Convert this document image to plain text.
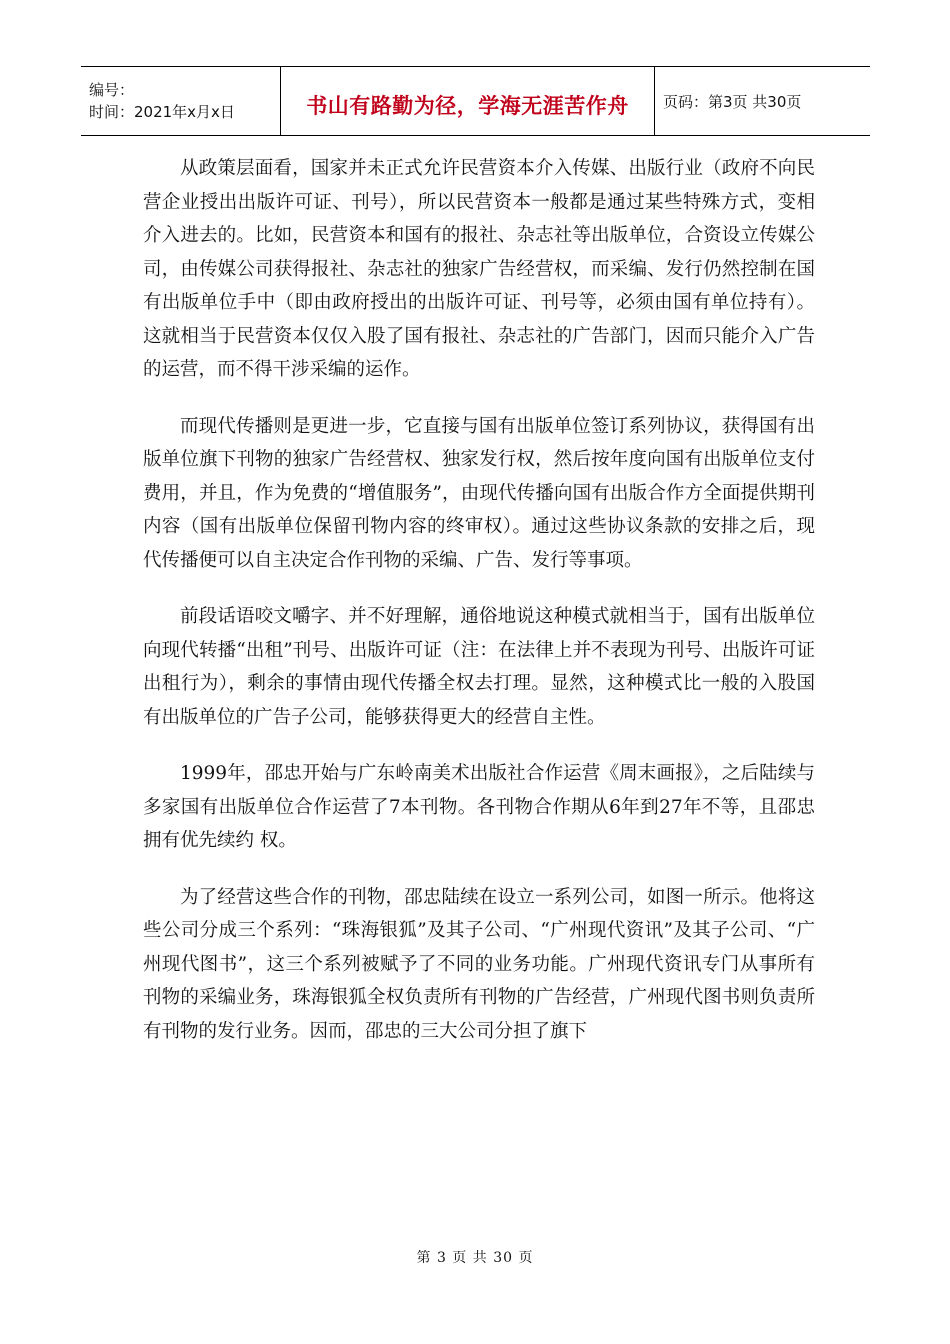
编号：
时间：2021年x月x日	书山有路勤为径，学海无涯苦作舟 页码：第3页 共30页

从政策层面看，国家并未正式允许民营资本介入传媒、出版行业（政府不向民营企业授出出版许可证、刊号），所以民营资本一般都是通过某些特殊方式，变相介入进去的。比如，民营资本和国有的报社、杂志社等出版单位，合资设立传媒公司，由传媒公司获得报社、杂志社的独家广告经营权，而采编、发行仍然控制在国有出版单位手中（即由政府授出的出版许可证、刊号等，必须由国有单位持有）。这就相当于民营资本仅仅入股了国有报社、杂志社的广告部门，因而只能介入广告的运营，而不得干涉采编的运作。

而现代传播则是更进一步，它直接与国有出版单位签订系列协议，获得国有出版单位旗下刊物的独家广告经营权、独家发行权，然后按年度向国有出版单位支付费用，并且，作为免费的“增值服务”，由现代传播向国有出版合作方全面提供期刊内容（国有出版单位保留刊物内容的终审权）。通过这些协议条款的安排之后，现代传播便可以自主决定合作刊物的采编、广告、发行等事项。

前段话语咬文嚼字、并不好理解，通俗地说这种模式就相当于，国有出版单位向现代转播“出租”刊号、出版许可证（注：在法律上并不表现为刊号、出版许可证出租行为），剩余的事情由现代传播全权去打理。显然，这种模式比一般的入股国有出版单位的广告子公司，能够获得更大的经营自主性。

1999年，邵忠开始与广东岭南美术出版社合作运营《周末画报》，之后陆续与多家国有出版单位合作运营了7本刊物。各刊物合作期从6年到27年不等，且邵忠拥有优先续约 权。

为了经营这些合作的刊物，邵忠陆续在设立一系列公司，如图一所示。他将这些公司分成三个系列：“珠海银狐”及其子公司、“广州现代资讯”及其子公司、“广州现代图书”，这三个系列被赋予了不同的业务功能。广州现代资讯专门从事所有刊物的采编业务，珠海银狐全权负责所有刊物的广告经营，广州现代图书则负责所有刊物的发行业务。因而，邵忠的三大公司分担了旗下

第 3 页 共 30 页
